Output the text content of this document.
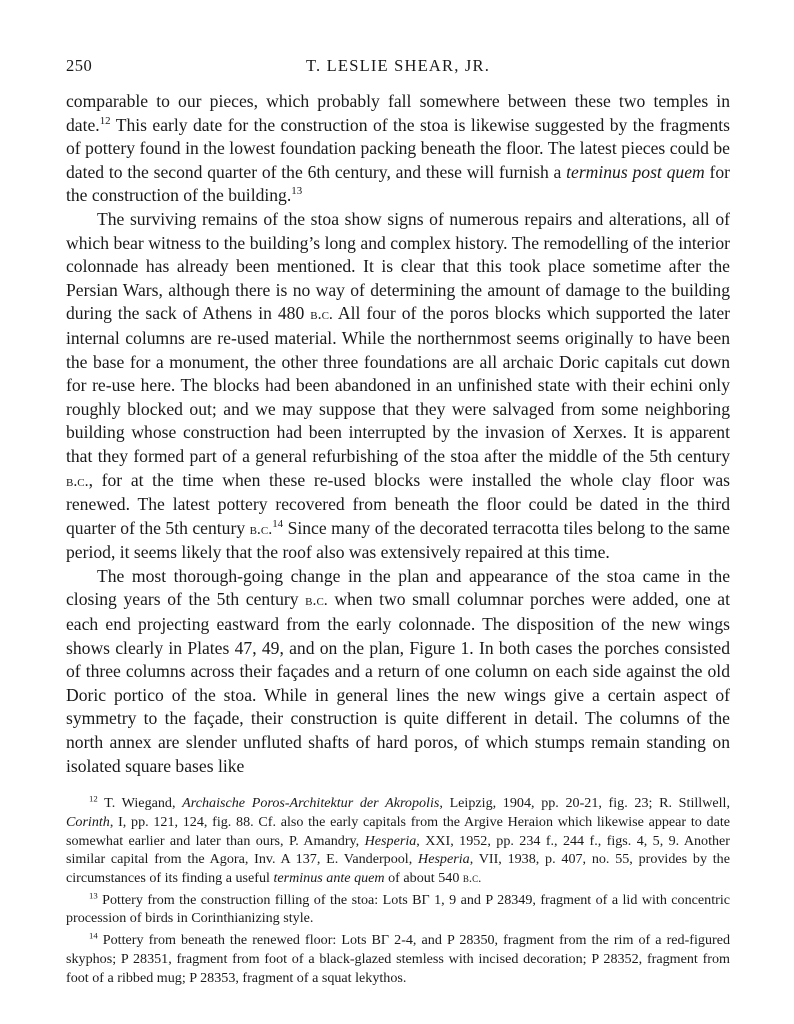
250	T. LESLIE SHEAR, JR.

comparable to our pieces, which probably fall somewhere between these two temples in date.$^{12}$ This early date for the construction of the stoa is likewise suggested by the fragments of pottery found in the lowest foundation packing beneath the floor. The latest pieces could be dated to the second quarter of the 6th century, and these will furnish a terminus post quem for the construction of the building.$^{13}$

The surviving remains of the stoa show signs of numerous repairs and alterations, all of which bear witness to the building’s long and complex history. The remodelling of the interior colonnade has already been mentioned. It is clear that this took place sometime after the Persian Wars, although there is no way of determining the amount of damage to the building during the sack of Athens in 480 b.c. All four of the poros blocks which supported the later internal columns are re-used material. While the northernmost seems originally to have been the base for a monument, the other three foundations are all archaic Doric capitals cut down for re-use here. The blocks had been abandoned in an unfinished state with their echini only roughly blocked out; and we may suppose that they were salvaged from some neighboring building whose construction had been interrupted by the invasion of Xerxes. It is apparent that they formed part of a general refurbishing of the stoa after the middle of the 5th century b.c., for at the time when these re-used blocks were installed the whole clay floor was renewed. The latest pottery recovered from beneath the floor could be dated in the third quarter of the 5th century b.c.$^{14}$ Since many of the decorated terracotta tiles belong to the same period, it seems likely that the roof also was extensively repaired at this time.

The most thorough-going change in the plan and appearance of the stoa came in the closing years of the 5th century b.c. when two small columnar porches were added, one at each end projecting eastward from the early colonnade. The disposition of the new wings shows clearly in Plates 47, 49, and on the plan, Figure 1. In both cases the porches consisted of three columns across their façades and a return of one column on each side against the old Doric portico of the stoa. While in general lines the new wings give a certain aspect of symmetry to the façade, their construction is quite different in detail. The columns of the north annex are slender unfluted shafts of hard poros, of which stumps remain standing on isolated square bases like

$^{12}$ T. Wiegand, Archaische Poros-Architektur der Akropolis, Leipzig, 1904, pp. 20-21, fig. 23; R. Stillwell, Corinth, I, pp. 121, 124, fig. 88. Cf. also the early capitals from the Argive Heraion which likewise appear to date somewhat earlier and later than ours, P. Amandry, Hesperia, XXI, 1952, pp. 234 f., 244 f., figs. 4, 5, 9. Another similar capital from the Agora, Inv. A 137, E. Vanderpool, Hesperia, VII, 1938, p. 407, no. 55, provides by the circumstances of its finding a useful terminus ante quem of about 540 b.c.

$^{13}$ Pottery from the construction filling of the stoa: Lots ΒΓ 1, 9 and P 28349, fragment of a lid with concentric procession of birds in Corinthianizing style.

$^{14}$ Pottery from beneath the renewed floor: Lots ΒΓ 2-4, and P 28350, fragment from the rim of a red-figured skyphos; P 28351, fragment from foot of a black-glazed stemless with incised decoration; P 28352, fragment from foot of a ribbed mug; P 28353, fragment of a squat lekythos.
